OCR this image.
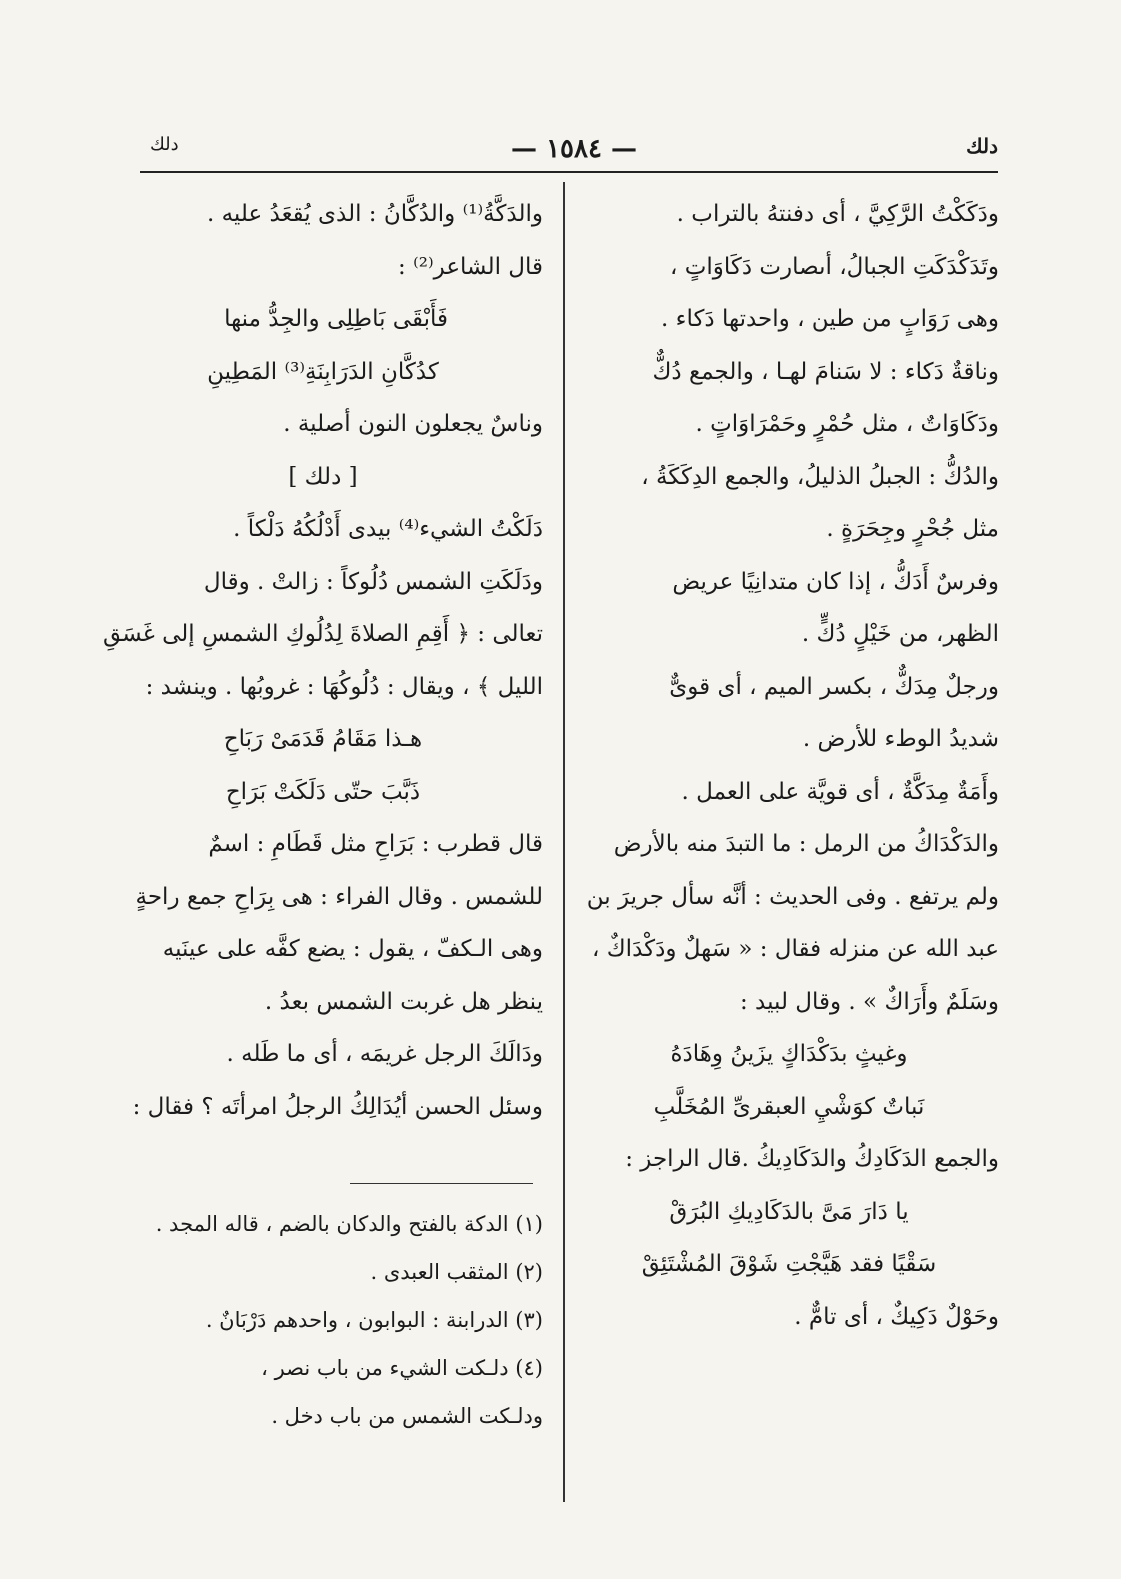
دلك
— ١٥٨٤ —
دلك

ودَكَكْتُ الرَّكِيَّ ، أى دفنتهُ بالتراب .

وتَدَكْدَكَتِ الجبالُ، أىصارت دَكَاوَاتٍ ،

وهى رَوَابٍ من طين ، واحدتها دَكاء .

وناقةٌ دَكاء : لا سَنامَ لهـا ، والجمع دُكٌّ

ودَكَاوَاتٌ ، مثل حُمْرٍ وحَمْرَاوَاتٍ .

والدُكُّ : الجبلُ الذليلُ، والجمع الدِكَكَةُ ،

مثل جُحْرٍ وجِحَرَةٍ .

وفرسٌ أَدَكُّ ، إذا كان متدانِيًا عريض

الظهر، من خَيْلٍ دُكٍّ .

ورجلٌ مِدَكٌّ ، بكسر الميم ، أى قوىٌّ

شديدُ الوطء للأرض .

وأَمَةٌ مِدَكَّةٌ ، أى قويَّة على العمل .

والدَكْدَاكُ من الرمل : ما التبدَ منه بالأرض

ولم يرتفع . وفى الحديث : أنَّه سأل جريرَ بن

عبد الله عن منزله فقال : « سَهلٌ ودَكْدَاكٌ ،

وسَلَمٌ وأَرَاكٌ » . وقال لبيد :

وغيثٍ بدَكْدَاكٍ يزَينُ وِهَادَهُ

نَباتٌ كوَشْيِ العبقرىِّ المُخَلَّبِ

والجمع الدَكَادِكُ والدَكَادِيكُ .قال الراجز :

يا دَارَ مَىَّ بالدَكَادِيكِ البُرَقْ

سَقْيًا فقد هَيَّجْتِ شَوْقَ المُشْتَئِقْ

وحَوْلٌ دَكِيكٌ ، أى تامٌّ .

والدَكَّةُ⁽¹⁾ والدُكَّانُ : الذى يُقعَدُ عليه .

قال الشاعر⁽²⁾ :

فَأَبْقَى بَاطِلِى والجِدُّ منها

كدُكَّانِ الدَرَابِنَةِ⁽³⁾ المَطِينِ

وناسٌ يجعلون النون أصلية .

[ دلك ]

دَلَكْتُ الشيء⁽⁴⁾ بيدى أَدْلُكُهُ دَلْكاً .

ودَلَكَتِ الشمس دُلُوكاً : زالتْ . وقال

تعالى : ﴿ أَقِمِ الصلاةَ لِدُلُوكِ الشمسِ إلى غَسَقِ

الليل ﴾ ، ويقال : دُلُوكُهَا : غروبُها . وينشد :

هـذا مَقَامُ قَدَمَىْ رَبَاحِ

ذَبَّبَ حتّى دَلَكَتْ بَرَاحِ

قال قطرب : بَرَاحِ مثل قَطَامِ : اسمٌ

للشمس . وقال الفراء : هى بِرَاحِ جمع راحةٍ

وهى الـكفّ ، يقول : يضع كفَّه على عينَيه

ينظر هل غربت الشمس بعدُ .

ودَالَكَ الرجل غريمَه ، أى ما طَله .

وسئل الحسن أيُدَالِكُ الرجلُ امرأتَه ؟ فقال :

(١) الدكة بالفتح والدكان بالضم ، قاله المجد .

(٢) المثقب العبدى .

(٣) الدرابنة : البوابون ، واحدهم دَرْبَانٌ .

(٤) دلـكت الشيء من باب نصر ،

ودلـكت الشمس من باب دخل .
